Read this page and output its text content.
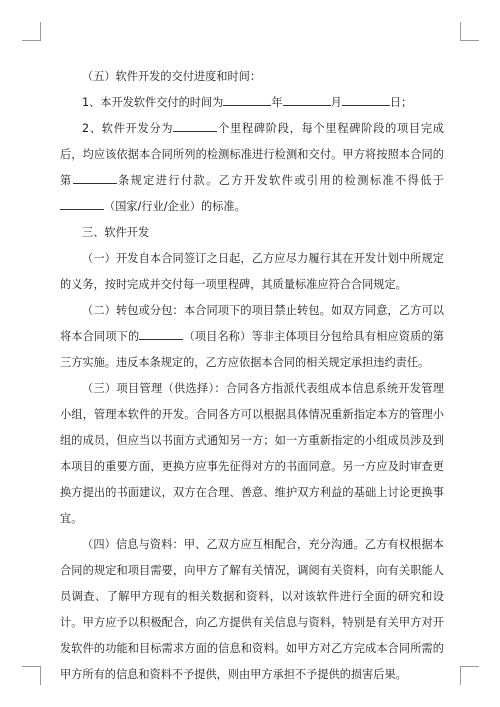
（五）软件开发的交付进度和时间：

1、本开发软件交付的时间为	年	月	日；

2、软件开发分为	个里程碑阶段，每个里程碑阶段的项目完成后，均应该依据本合同所列的检测标准进行检测和交付。甲方将按照本合同的第	条规定进行付款。乙方开发软件或引用的检测标准不得低于（国家/行业/企业）的标准。

三、软件开发

（一）开发自本合同签订之日起，乙方应尽力履行其在开发计划中所规定的义务，按时完成并交付每一项里程碑，其质量标准应符合合同规定。

（二）转包或分包：本合同项下的项目禁止转包。如双方同意，乙方可以将本合同项下的	（项目名称）等非主体项目分包给具有相应资质的第三方实施。违反本条规定的，乙方应依据本合同的相关规定承担违约责任。

（三）项目管理（供选择）：合同各方指派代表组成本信息系统开发管理小组，管理本软件的开发。合同各方可以根据具体情况重新指定本方的管理小组的成员，但应当以书面方式通知另一方；如一方重新指定的小组成员涉及到本项目的重要方面，更换方应事先征得对方的书面同意。另一方应及时审查更换方提出的书面建议，双方在合理、善意、维护双方利益的基础上讨论更换事宜。

（四）信息与资料：甲、乙双方应互相配合，充分沟通。乙方有权根据本合同的规定和项目需要，向甲方了解有关情况，调阅有关资料，向有关职能人员调查、了解甲方现有的相关数据和资料，以对该软件进行全面的研究和设计。甲方应予以积极配合，向乙方提供有关信息与资料，特别是有关甲方对开发软件的功能和目标需求方面的信息和资料。如甲方对乙方完成本合同所需的甲方所有的信息和资料不予提供，则由甲方承担不予提供的损害后果。
